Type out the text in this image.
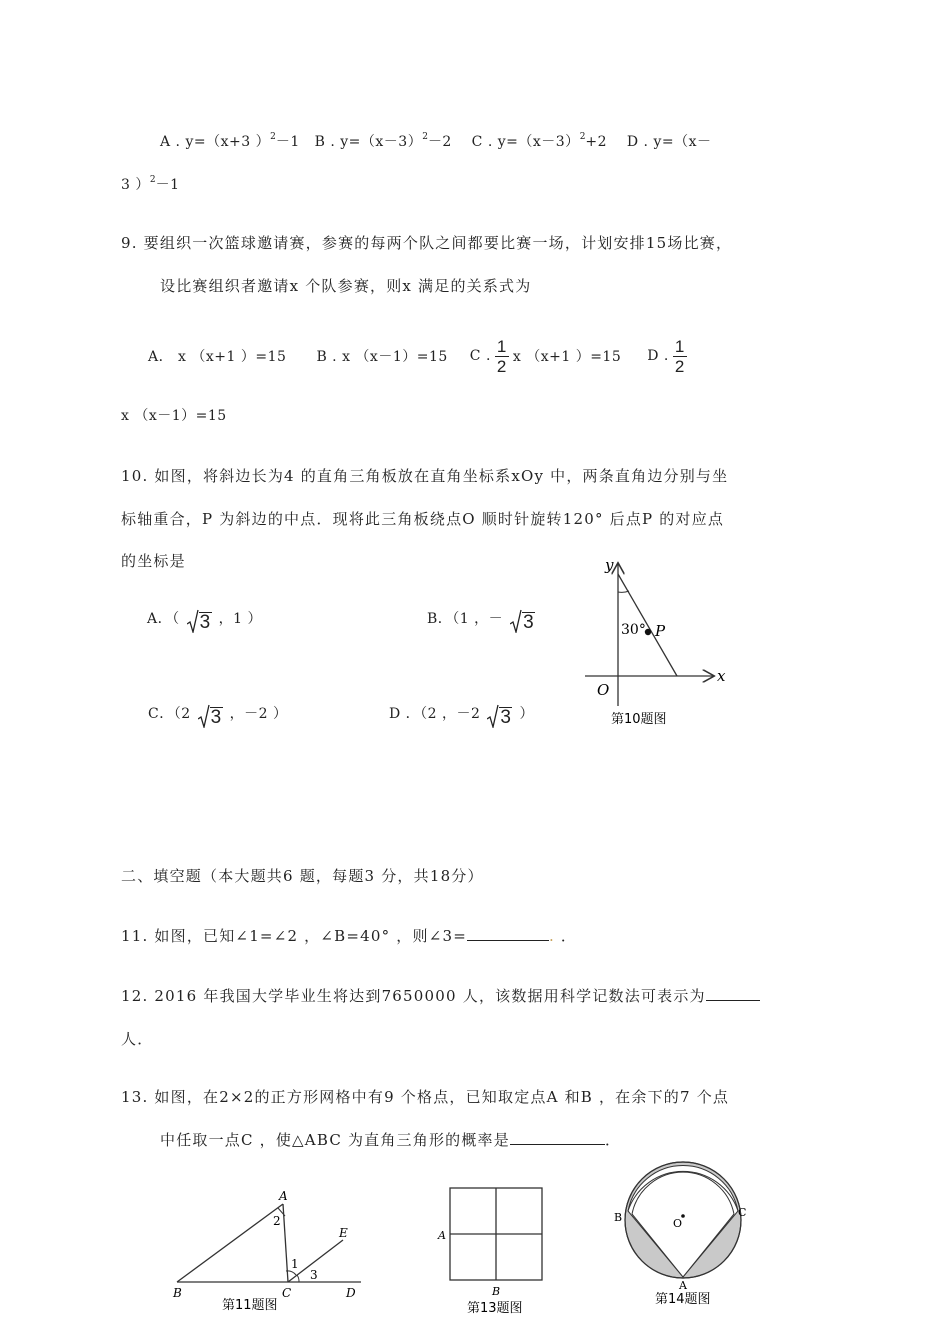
A . y=（x+3 ）$^2$－1 B . $y=(x-3)^2-2$ C . $y=(x-3)^2+2$ D . y=（x－
3 ）$^2$－1
9. 要组织一次篮球邀请赛，参赛的每两个队之间都要比赛一场，计划安排15场比赛，
设比赛组织者邀请x 个队参赛，则x 满足的关系式为
A． x （x+1 ）=15 B . x （x－1）=15 C . $\frac{1}{2}$ x （x+1 ）=15 D . $\frac{1}{2}$
x （x－1）=15
10. 如图，将斜边长为4 的直角三角板放在直角坐标系xOy 中，两条直角边分别与坐
标轴重合，P 为斜边的中点．现将此三角板绕点O 顺时针旋转120° 后点P 的对应点
的坐标是
A．（ 3 ，1 ）	B．（1 ，－ 3
C．（2 3 ，－2 ）	D ．（2 ，－2 3 ）
y
x
O
30° P
第10题图
二、填空题（本大题共6 题，每题3 分，共18分）
11. 如图，已知∠1=∠2 ，∠B=40° ，则∠3=	. ．
12. 2016 年我国大学毕业生将达到7650000 人，该数据用科学记数法可表示为
人．
13. 如图，在2×2的正方形网格中有9 个格点，已知取定点A 和B ，在余下的7 个点
中任取一点C ，使△ABC 为直角三角形的概率是	．
A
B	C	D
E
1
2
3
第11题图
A
B
第13题图
B	C
O
A
第14题图
